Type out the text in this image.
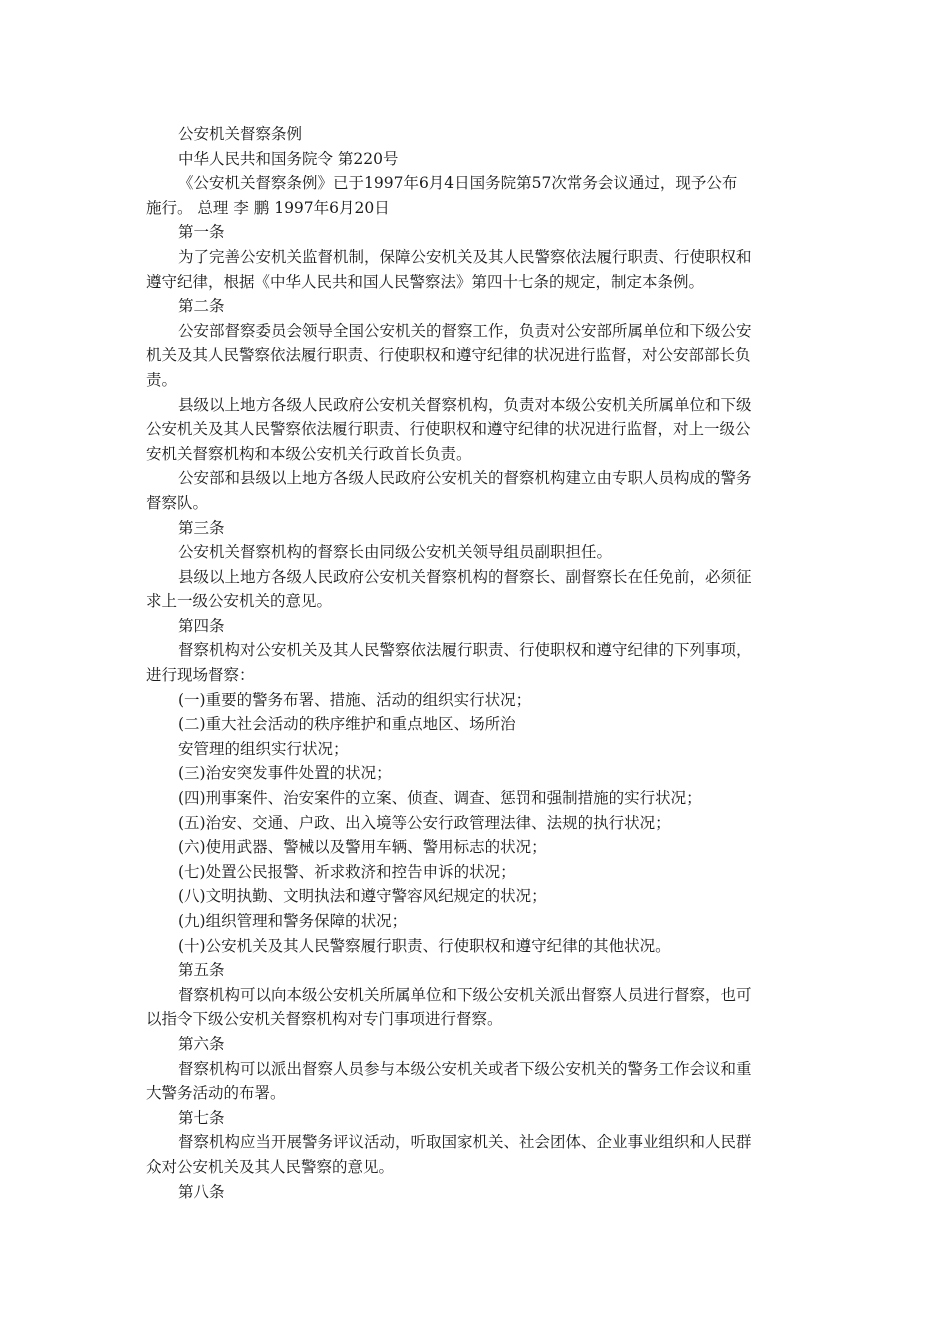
公安机关督察条例
中华人民共和国务院令 第220号
《公安机关督察条例》已于1997年6月4日国务院第57次常务会议通过，现予公布
施行。 总理 李 鹏 1997年6月20日
第一条
为了完善公安机关监督机制，保障公安机关及其人民警察依法履行职责、行使职权和
遵守纪律，根据《中华人民共和国人民警察法》第四十七条的规定，制定本条例。
第二条
公安部督察委员会领导全国公安机关的督察工作，负责对公安部所属单位和下级公安
机关及其人民警察依法履行职责、行使职权和遵守纪律的状况进行监督，对公安部部长负
责。
县级以上地方各级人民政府公安机关督察机构，负责对本级公安机关所属单位和下级
公安机关及其人民警察依法履行职责、行使职权和遵守纪律的状况进行监督，对上一级公
安机关督察机构和本级公安机关行政首长负责。
公安部和县级以上地方各级人民政府公安机关的督察机构建立由专职人员构成的警务
督察队。
第三条
公安机关督察机构的督察长由同级公安机关领导组员副职担任。
县级以上地方各级人民政府公安机关督察机构的督察长、副督察长在任免前，必须征
求上一级公安机关的意见。
第四条
督察机构对公安机关及其人民警察依法履行职责、行使职权和遵守纪律的下列事项，
进行现场督察：
(一)重要的警务布署、措施、活动的组织实行状况；
(二)重大社会活动的秩序维护和重点地区、场所治
安管理的组织实行状况；
(三)治安突发事件处置的状况；
(四)刑事案件、治安案件的立案、侦查、调查、惩罚和强制措施的实行状况；
(五)治安、交通、户政、出入境等公安行政管理法律、法规的执行状况；
(六)使用武器、警械以及警用车辆、警用标志的状况；
(七)处置公民报警、祈求救济和控告申诉的状况；
(八)文明执勤、文明执法和遵守警容风纪规定的状况；
(九)组织管理和警务保障的状况；
(十)公安机关及其人民警察履行职责、行使职权和遵守纪律的其他状况。
第五条
督察机构可以向本级公安机关所属单位和下级公安机关派出督察人员进行督察，也可
以指令下级公安机关督察机构对专门事项进行督察。
第六条
督察机构可以派出督察人员参与本级公安机关或者下级公安机关的警务工作会议和重
大警务活动的布署。
第七条
督察机构应当开展警务评议活动，听取国家机关、社会团体、企业事业组织和人民群
众对公安机关及其人民警察的意见。
第八条
